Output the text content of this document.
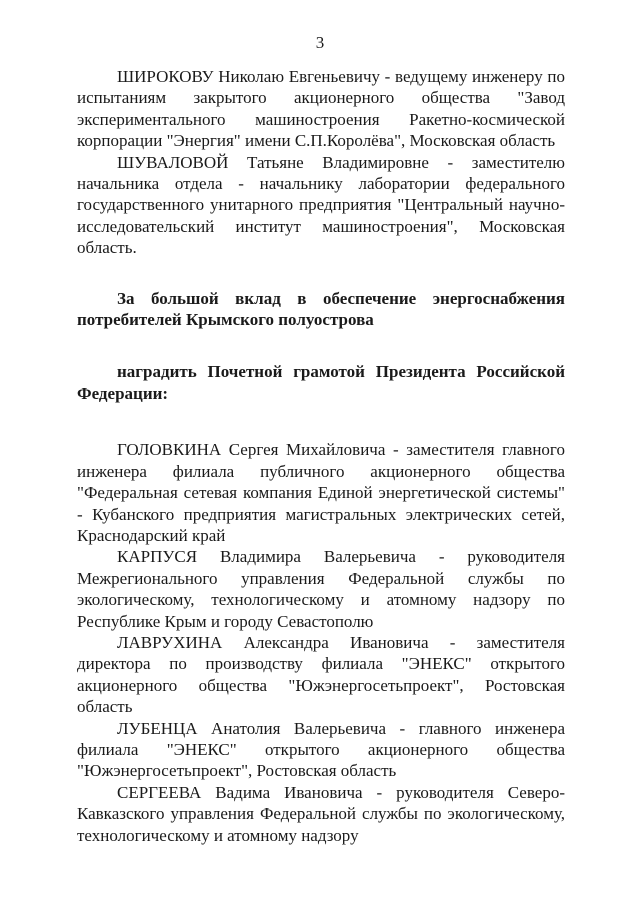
3

ШИРОКОВУ Николаю Евгеньевичу - ведущему инженеру по испытаниям закрытого акционерного общества "Завод экспериментального машиностроения Ракетно-космической корпорации "Энергия" имени С.П.Королёва", Московская область

ШУВАЛОВОЙ Татьяне Владимировне - заместителю начальника отдела - начальнику лаборатории федерального государственного унитарного предприятия "Центральный научно-исследовательский институт машиностроения", Московская область.

За большой вклад в обеспечение энергоснабжения потребителей Крымского полуострова

наградить Почетной грамотой Президента Российской Федерации:

ГОЛОВКИНА Сергея Михайловича - заместителя главного инженера филиала публичного акционерного общества "Федеральная сетевая компания Единой энергетической системы" - Кубанского предприятия магистральных электрических сетей, Краснодарский край

КАРПУСЯ Владимира Валерьевича - руководителя Межрегионального управления Федеральной службы по экологическому, технологическому и атомному надзору по Республике Крым и городу Севастополю

ЛАВРУХИНА Александра Ивановича - заместителя директора по производству филиала "ЭНЕКС" открытого акционерного общества "Южэнергосетьпроект", Ростовская область

ЛУБЕНЦА Анатолия Валерьевича - главного инженера филиала "ЭНЕКС" открытого акционерного общества "Южэнергосетьпроект", Ростовская область

СЕРГЕЕВА Вадима Ивановича - руководителя Северо-Кавказского управления Федеральной службы по экологическому, технологическому и атомному надзору
